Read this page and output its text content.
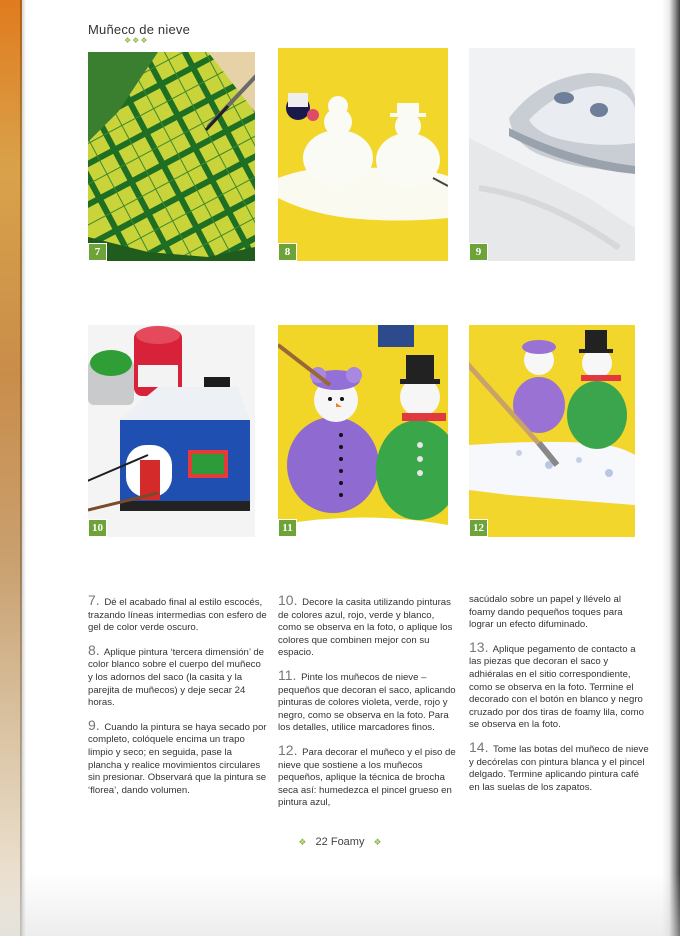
Muñeco de nieve
❖❖❖
7	8	9
10	11	12

7. Dé el acabado final al estilo escocés, trazando líneas intermedias con esfero de gel de color verde oscuro.

8. Aplique pintura ‘tercera dimensión’ de color blanco sobre el cuerpo del muñeco y los adornos del saco (la casita y la parejita de muñecos) y deje secar 24 horas.

9. Cuando la pintura se haya secado por completo, colóquele encima un trapo limpio y seco; en seguida, pase la plancha y realice movimientos circulares sin presionar. Observará que la pintura se ‘florea’, dando volumen.

10. Decore la casita utilizando pinturas de colores azul, rojo, verde y blanco, como se observa en la foto, o aplique los colores que combinen mejor con su espacio.

11. Pinte los muñecos de nieve – pequeños que decoran el saco, aplicando pinturas de colores violeta, verde, rojo y negro, como se observa en la foto. Para los detalles, utilice marcadores finos.

12. Para decorar el muñeco y el piso de nieve que sostiene a los muñecos pequeños, aplique la técnica de brocha seca así: humedezca el pincel grueso en pintura azul,

sacúdalo sobre un papel y llévelo al foamy dando pequeños toques para lograr un efecto difuminado.

13. Aplique pegamento de contacto a las piezas que decoran el saco y adhiéralas en el sitio correspondiente, como se observa en la foto. Termine el decorado con el botón en blanco y negro cruzado por dos tiras de foamy lila, como se observa en la foto.

14. Tome las botas del muñeco de nieve y decórelas con pintura blanca y el pincel delgado. Termine aplicando pintura café en las suelas de los zapatos.

❖ 22 Foamy ❖
